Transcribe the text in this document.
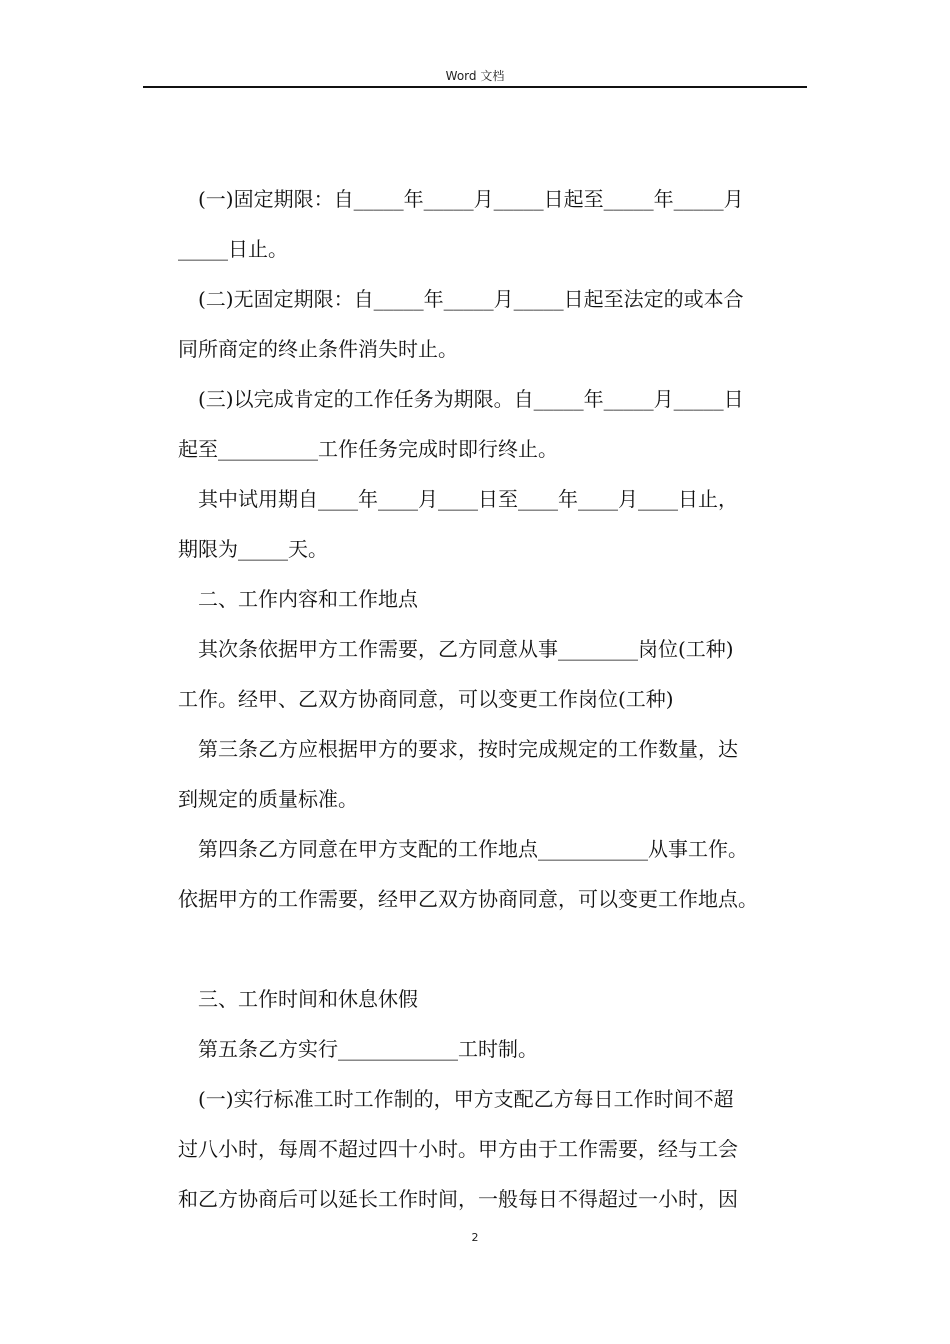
Word 文档
(一)固定期限：自_____年_____月_____日起至_____年_____月
_____日止。
(二)无固定期限：自_____年_____月_____日起至法定的或本合
同所商定的终止条件消失时止。
(三)以完成肯定的工作任务为期限。自_____年_____月_____日
起至__________工作任务完成时即行终止。
其中试用期自____年____月____日至____年____月____日止，
期限为_____天。
二、工作内容和工作地点
其次条依据甲方工作需要，乙方同意从事________岗位(工种)
工作。经甲、乙双方协商同意，可以变更工作岗位(工种)
第三条乙方应根据甲方的要求，按时完成规定的工作数量，达
到规定的质量标准。
第四条乙方同意在甲方支配的工作地点___________从事工作。
依据甲方的工作需要，经甲乙双方协商同意，可以变更工作地点。
三、工作时间和休息休假
第五条乙方实行____________工时制。
(一)实行标准工时工作制的，甲方支配乙方每日工作时间不超
过八小时，每周不超过四十小时。甲方由于工作需要，经与工会
和乙方协商后可以延长工作时间，一般每日不得超过一小时，因
2
